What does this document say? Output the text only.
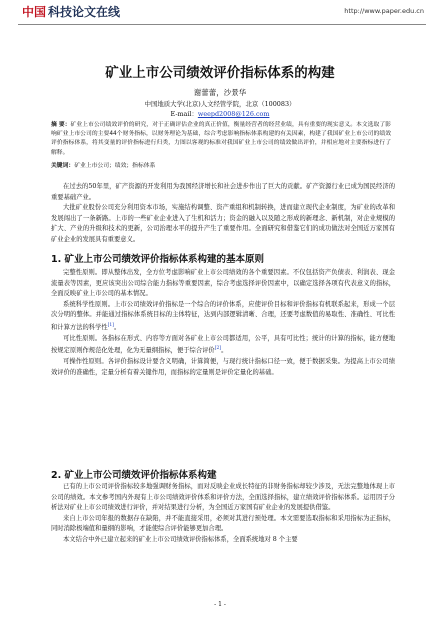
中国 科技论文在线	http://www.paper.edu.cn
矿业上市公司绩效评价指标体系的构建
谢蕾蕾，沙景华
中国地质大学(北京)人文经管学院，北京（100083）
E-mail：weepd2008@126.com
摘 要：矿业上市公司绩效评价的研究，对于正确评估企业的真正价值，衡量经营者的经营业绩，具有重要的现实意义。本文选取了影响矿业上市公司的主要44个财务指标，以财务理论为基础，综合考虑影响指标体系构建的有关因素，构建了我国矿业上市公司的绩效评价指标体系，将其变量的评价指标进行归类，力图以客观的标准对我国矿业上市公司的绩效做出评价，并相应地对主要指标进行了解释。
关键词：矿业上市公司；绩效；指标体系

在过去的50年里，矿产资源的开发利用为我国经济增长和社会进步作出了巨大的贡献。矿产资源行业已成为国民经济的重要基础产业。

大批矿业股份公司充分利用资本市场，实施结构调整、资产重组和机制转换，进而建立现代企业制度，为矿业的改革和发展闯出了一条新路。上市的一些矿业企业进入了生机和活力；资金的融入以及随之形成的新理念、新机制，对企业规模的扩大、产业的升级和技术的更新，公司治理水平的提升产生了重要作用。全面研究和借鉴它们的成功做法对全国近万家国有矿业企业的发展具有重要意义。

1. 矿业上市公司绩效评价指标体系构建的基本原则

完整性原则。即从整体出发，全方位考虑影响矿业上市公司绩效的各个重要因素。不仅包括资产负债表、利润表、现金流量表等因素，更应该突出公司综合能力指标等重要因素，综合考虑选择评价因素中，以确定选择各项有代表意义的指标，全面反映矿业上市公司的基本情况。

系统科学性原则。上市公司绩效评价指标是一个综合的评价体系，应使评价目标和评价指标有机联系起来，形成一个层次分明的整体。并能通过指标体系统目标的主体特征，达到内部逻辑清晰、合理，还要考虑数值的易取性、准确性、可比性和计算方法的科学性[1]。

可比性原则。各指标在形式、内容等方面对各矿业上市公司都适用，公平，具有可比性；统计的计算的指标，能方便地按规定原则作规范化处理，化为无量纲指标，便于综合评价[2]。

可操作性原则。各评价指标设计要含义明确，计算简便，与现行统计指标口径一致，便于数据采集。为提高上市公司绩效评价的准确性，定量分析有着关键作用，而指标的定量则是评价定量化的基础。

2. 矿业上市公司绩效评价指标体系构建

已有的上市公司评价指标较多地强调财务指标，而对反映企业成长特征的非财务指标却较少涉及，无法完整地体现上市公司的绩效。本文参考国内外现有上市公司绩效评价体系和评价方法，全面选择指标，建立绩效评价指标体系。运用因子分析法对矿业上市公司绩效进行评价，并对结果进行分析，为全国近万家国有矿业企业的发展提供借鉴。

来自上市公司年报的数据存在缺陷，并不能直接采用，必须对其进行预处理。本文需要选取指标和采用指标为正指标，同时消除极端值和量纲的影响，才能使综合评价能够更加合理。

本文结合中外已建立起来的矿业上市公司绩效评价指标体系，全面系统地对 8 个主要

- 1 -
